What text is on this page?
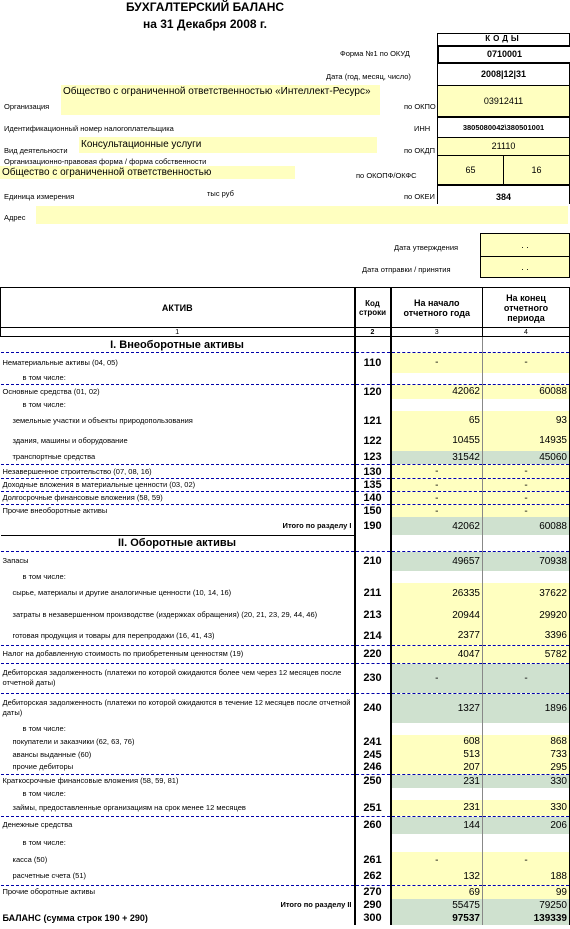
БУХГАЛТЕРСКИЙ БАЛАНС
на 31 Декабря 2008 г.
КОДЫ
Форма №1 по ОКУД	0710001
Дата (год, месяц, число)	2008|12|31
Организация
Общество с ограниченной ответственностью «Интеллект-Ресурс»
по ОКПО
03912411
Идентификационный номер налогоплательщика	ИНН	3805080042\380501001
Вид деятельности
Консультационные услуги
по ОКДП	21110
Организационно-правовая форма / форма собственности
Общество с ограниченной ответственностью	по ОКОПФ/ОКФС
65	16
Единица измерения	тыс руб	по ОКЕИ	384
Адрес
Дата утверждения	. .
Дата отправки / принятия	. .
АКТИВ	Код строки	На начало отчетного года	На конец отчетного периода
1	2	3	4
I. Внеоборотные активы			
Нематериальные активы (04, 05)	110	-	-
в том числе:			
Основные средства (01, 02)	120	42062	60088
в том числе:			
земельные участки и объекты природопользования	121	65	93
здания, машины и оборудование	122	10455	14935
транспортные средства	123	31542	45060
Незавершенное строительство (07, 08, 16)	130	-	-
Доходные вложения в материальные ценности (03, 02)	135	-	-
Долгосрочные финансовые вложения (58, 59)	140	-	-
Прочие внеоборотные активы	150	-	-
Итого по разделу I	190	42062	60088
II. Оборотные активы			
Запасы	210	49657	70938
в том числе:			
сырье, материалы и другие аналогичные ценности (10, 14, 16)	211	26335	37622
затраты в незавершенном производстве (издержках обращения) (20, 21, 23, 29, 44, 46)	213	20944	29920
готовая продукция и товары для перепродажи (16, 41, 43)	214	2377	3396
Налог на добавленную стоимость по приобретенным ценностям (19)	220	4047	5782
Дебиторская задолженность (платежи по которой ожидаются более чем через 12 месяцев после отчетной даты)	230	-	-
Дебиторская задолженность (платежи по которой ожидаются в течение 12 месяцев после отчетной даты)	240	1327	1896
в том числе:			
покупатели и заказчики (62, 63, 76)	241	608	868
авансы выданные (60)	245	513	733
прочие дебиторы	246	207	295
Краткосрочные финансовые вложения (58, 59, 81)	250	231	330
в том числе:			
займы, предоставленные организациям на срок менее 12 месяцев	251	231	330
Денежные средства	260	144	206
в том числе:			
касса (50)	261	-	-
расчетные счета (51)	262	132	188
Прочие оборотные активы	270	69	99
Итого по разделу II	290	55475	79250
БАЛАНС (сумма строк 190 + 290)	300	97537	139339
